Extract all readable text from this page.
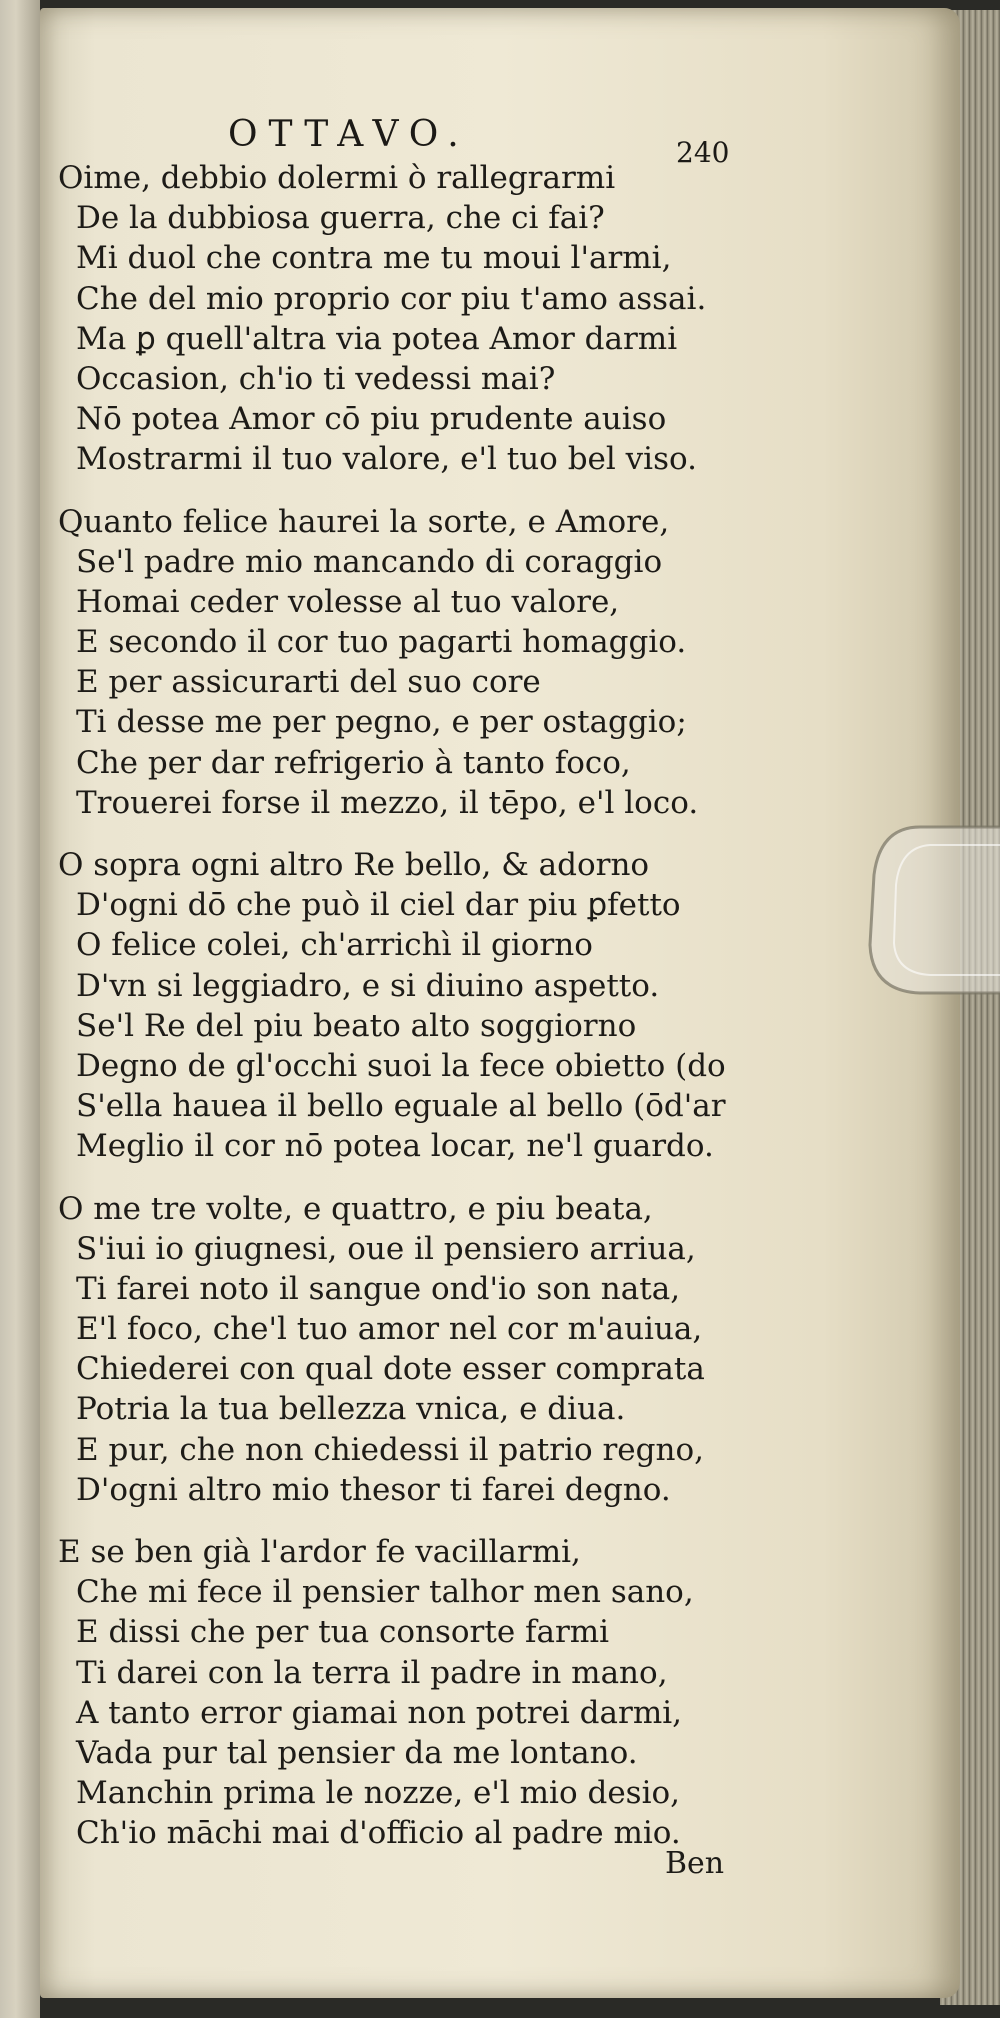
OTTAVO.	240
Oime, debbio dolermi ò rallegrarmi
De la dubbiosa guerra, che ci fai?
Mi duol che contra me tu moui l'armi,
Che del mio proprio cor piu t'amo assai.
Ma ꝑ quell'altra via potea Amor darmi
Occasion, ch'io ti vedessi mai?
Nō potea Amor cō piu prudente auiso
Mostrarmi il tuo valore, e'l tuo bel viso.
Quanto felice haurei la sorte, e Amore,
Se'l padre mio mancando di coraggio
Homai ceder volesse al tuo valore,
E secondo il cor tuo pagarti homaggio.
E per assicurarti del suo core
Ti desse me per pegno, e per ostaggio;
Che per dar refrigerio à tanto foco,
Trouerei forse il mezzo, il tēpo, e'l loco.
O sopra ogni altro Re bello, & adorno
D'ogni dō che può il ciel dar piu ꝑfetto
O felice colei, ch'arrichì il giorno
D'vn si leggiadro, e si diuino aspetto.
Se'l Re del piu beato alto soggiorno
Degno de gl'occhi suoi la fece obietto (do
S'ella hauea il bello eguale al bello (ōd'ar
Meglio il cor nō potea locar, ne'l guardo.
O me tre volte, e quattro, e piu beata,
S'iui io giugnesi, oue il pensiero arriua,
Ti farei noto il sangue ond'io son nata,
E'l foco, che'l tuo amor nel cor m'auiua,
Chiederei con qual dote esser comprata
Potria la tua bellezza vnica, e diua.
E pur, che non chiedessi il patrio regno,
D'ogni altro mio thesor ti farei degno.
E se ben già l'ardor fe vacillarmi,
Che mi fece il pensier talhor men sano,
E dissi che per tua consorte farmi
Ti darei con la terra il padre in mano,
A tanto error giamai non potrei darmi,
Vada pur tal pensier da me lontano.
Manchin prima le nozze, e'l mio desio,
Ch'io māchi mai d'officio al padre mio.
Ben
